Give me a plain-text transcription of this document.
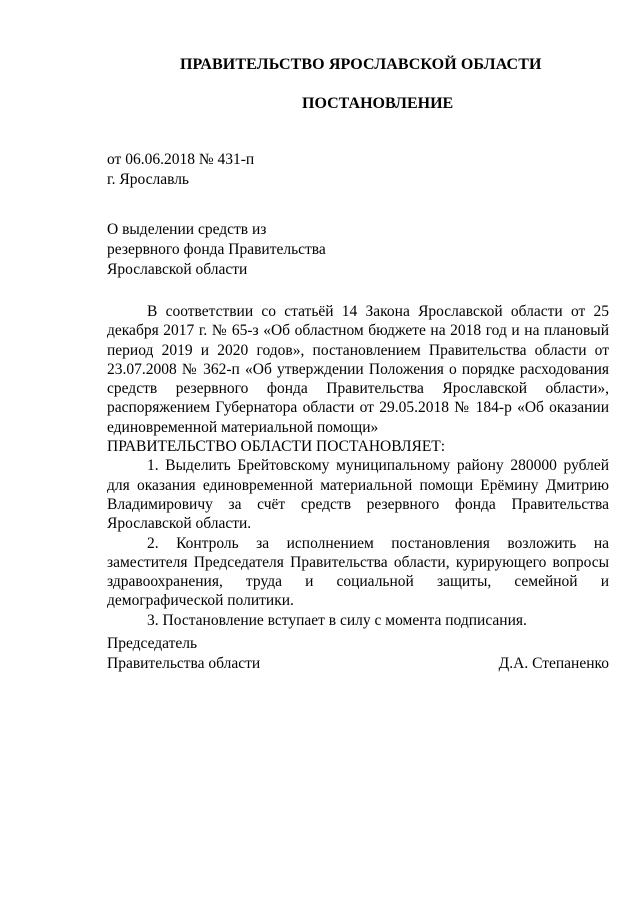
ПРАВИТЕЛЬСТВО ЯРОСЛАВСКОЙ ОБЛАСТИ
ПОСТАНОВЛЕНИЕ
от 06.06.2018 № 431-п
г. Ярославль
О выделении средств из
резервного фонда Правительства
Ярославской области

В соответствии со статьёй 14 Закона Ярославской области от 25 декабря 2017 г. № 65-з «Об областном бюджете на 2018 год и на плановый период 2019 и 2020 годов», постановлением Правительства области от 23.07.2008 № 362-п «Об утверждении Положения о порядке расходования средств резервного фонда Правительства Ярославской области», распоряжением Губернатора области от 29.05.2018 № 184-р «Об оказании единовременной материальной помощи»

ПРАВИТЕЛЬСТВО ОБЛАСТИ ПОСТАНОВЛЯЕТ:

1. Выделить Брейтовскому муниципальному району 280000 рублей для оказания единовременной материальной помощи Ерёмину Дмитрию Владимировичу за счёт средств резервного фонда Правительства Ярославской области.

2. Контроль за исполнением постановления возложить на заместителя Председателя Правительства области, курирующего вопросы здравоохранения, труда и социальной защиты, семейной и демографической политики.

3. Постановление вступает в силу с момента подписания.

Председатель
Правительства области	Д.А. Степаненко
